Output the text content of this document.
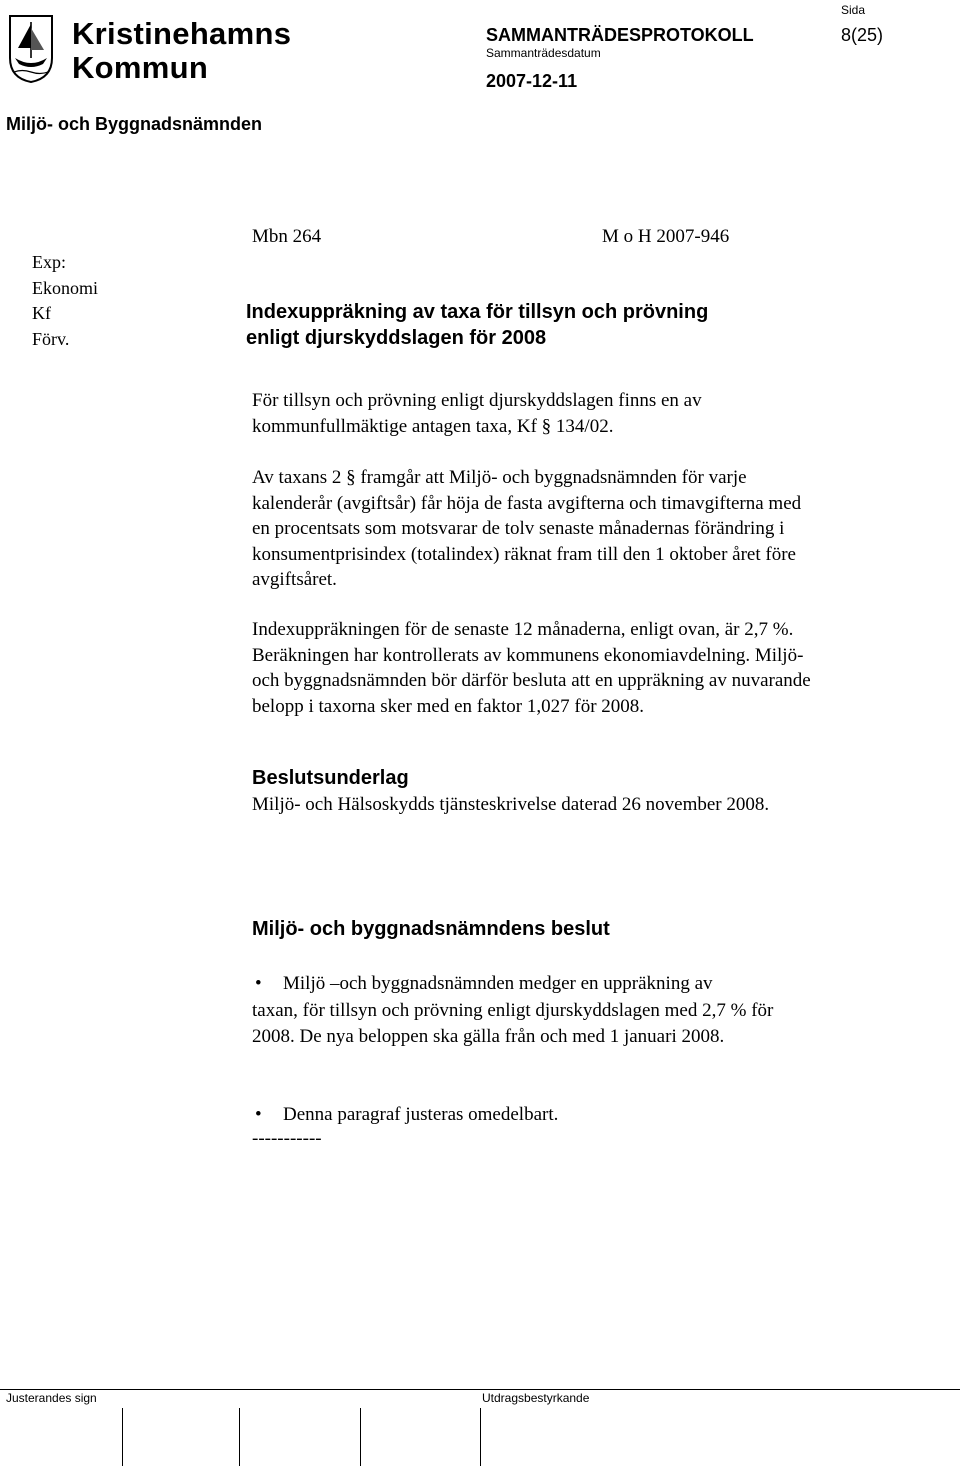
Kristinehamns
Kommun
SAMMANTRÄDESPROTOKOLL
Sammanträdesdatum
2007-12-11
Sida
8(25)
Miljö- och Byggnadsnämnden
Exp:
Ekonomi
Kf
Förv.
Mbn 264	M o H 2007-946
Indexuppräkning av taxa för tillsyn och prövning
enligt djurskyddslagen för 2008

För tillsyn och prövning enligt djurskyddslagen finns en av kommunfullmäktige antagen taxa, Kf § 134/02.

Av taxans 2 § framgår att Miljö- och byggnadsnämnden för varje kalenderår (avgiftsår) får höja de fasta avgifterna och timavgifterna med en procentsats som motsvarar de tolv senaste månadernas förändring i konsumentprisindex (totalindex) räknat fram till den 1 oktober året före avgiftsåret.

Indexuppräkningen för de senaste 12 månaderna, enligt ovan, är 2,7 %. Beräkningen har kontrollerats av kommunens ekonomiavdelning. Miljö- och byggnadsnämnden bör därför besluta att en uppräkning av nuvarande belopp i taxorna sker med en faktor 1,027 för 2008.

Beslutsunderlag

Miljö- och Hälsoskydds tjänsteskrivelse daterad 26 november 2008.

Miljö- och byggnadsnämndens beslut
• Miljö –och byggnadsnämnden medger en uppräkning av
taxan, för tillsyn och prövning enligt djurskyddslagen med 2,7 % för 2008. De nya beloppen ska gälla från och med 1 januari 2008.
• Denna paragraf justeras omedelbart.
-----------
Justerandes sign	Utdragsbestyrkande
